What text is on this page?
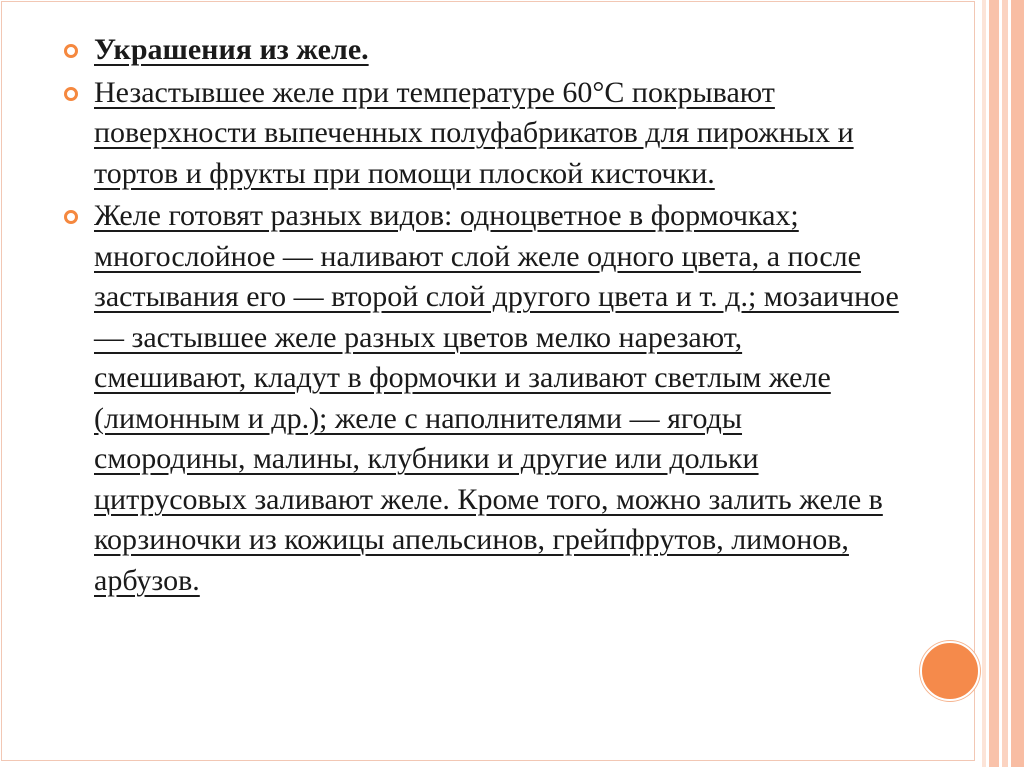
Украшения из желе.
Незастывшее желе при температуре 60°С покрывают поверхности выпеченных полуфабрикатов для пирожных и тортов и фрукты при помощи плоской кисточки.
Желе готовят разных видов: одноцветное в формочках; многослойное — наливают слой желе одного цвета, а после застывания его — второй слой другого цвета и т. д.; мозаичное — застывшее желе разных цветов мелко нарезают, смешивают, кладут в формочки и заливают светлым желе (лимонным и др.); желе с наполнителями — ягоды смородины, малины, клубники и другие или дольки цитрусовых заливают желе. Кроме того, можно залить желе в корзиночки из кожицы апельсинов, грейпфрутов, лимонов, арбузов.
